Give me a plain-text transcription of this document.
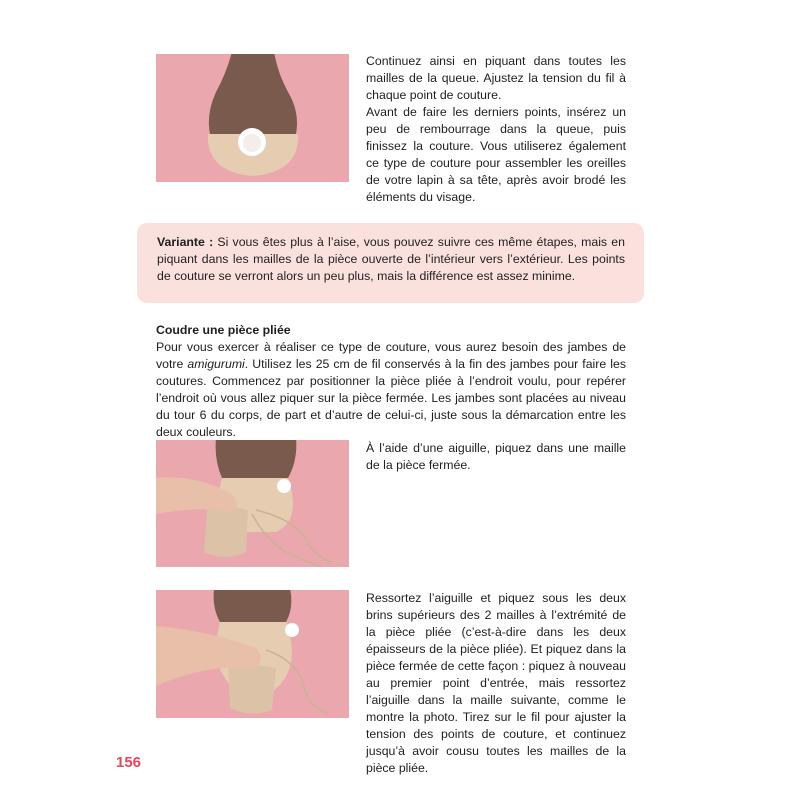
Continuez ainsi en piquant dans toutes les mailles de la queue. Ajustez la tension du fil à chaque point de couture.

Avant de faire les derniers points, insérez un peu de rembourrage dans la queue, puis finissez la couture. Vous utiliserez également ce type de couture pour assembler les oreilles de votre lapin à sa tête, après avoir brodé les éléments du visage.

Variante : Si vous êtes plus à l’aise, vous pouvez suivre ces même étapes, mais en piquant dans les mailles de la pièce ouverte de l’intérieur vers l’extérieur. Les points de couture se verront alors un peu plus, mais la différence est assez minime.

Coudre une pièce pliée

Pour vous exercer à réaliser ce type de couture, vous aurez besoin des jambes de votre amigurumi. Utilisez les 25 cm de fil conservés à la fin des jambes pour faire les coutures. Commencez par positionner la pièce pliée à l’endroit voulu, pour repérer l’endroit où vous allez piquer sur la pièce fermée. Les jambes sont placées au niveau du tour 6 du corps, de part et d’autre de celui-ci, juste sous la démarcation entre les deux couleurs.

À l’aide d’une aiguille, piquez dans une maille de la pièce fermée.

Ressortez l’aiguille et piquez sous les deux brins supérieurs des 2 mailles à l’extrémité de la pièce pliée (c’est-à-dire dans les deux épaisseurs de la pièce pliée). Et piquez dans la pièce fermée de cette façon : piquez à nouveau au premier point d’entrée, mais ressortez l’aiguille dans la maille suivante, comme le montre la photo. Tirez sur le fil pour ajuster la tension des points de couture, et continuez jusqu’à avoir cousu toutes les mailles de la pièce pliée.

156
